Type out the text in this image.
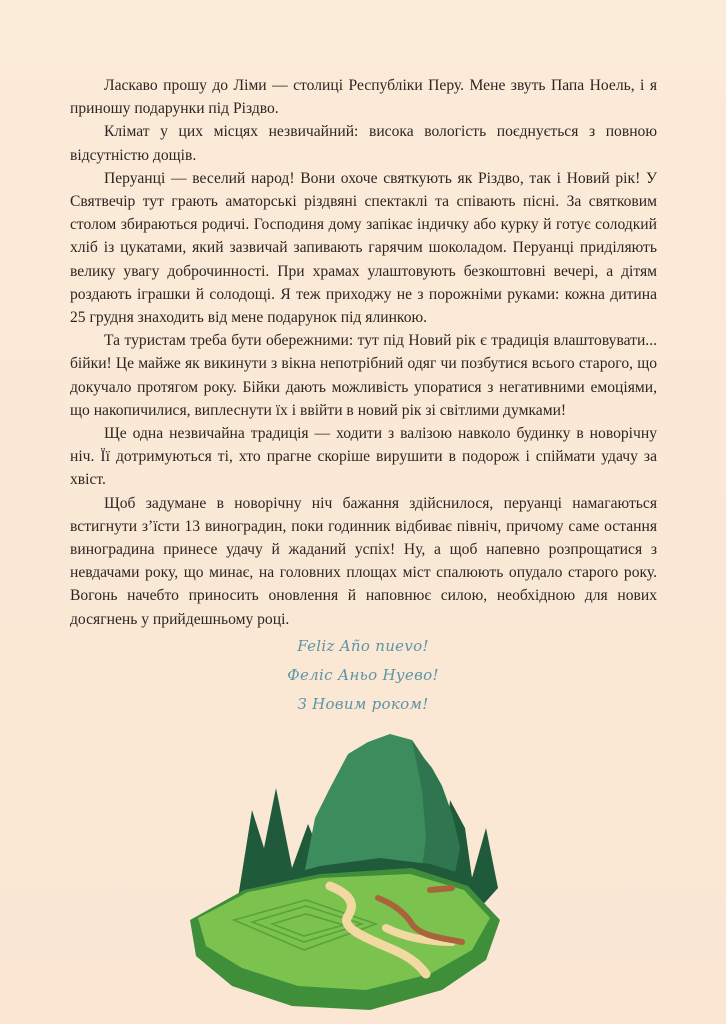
Ласкаво прошу до Ліми — столиці Республіки Перу. Мене звуть Папа Ноель, і я приношу подарунки під Різдво.

Клімат у цих місцях незвичайний: висока вологість поєднується з повною відсутністю дощів.

Перуанці — веселий народ! Вони охоче святкують як Різдво, так і Новий рік! У Святвечір тут грають аматорські різдвяні спектаклі та співають пісні. За святковим столом збираються родичі. Господиня дому запікає індичку або курку й готує солодкий хліб із цукатами, який зазвичай запивають гарячим шоколадом. Перуанці приділяють велику увагу доброчинності. При храмах улаштовують безкоштовні вечері, а дітям роздають іграшки й солодощі. Я теж приходжу не з порожніми руками: кожна дитина 25 грудня знаходить від мене подарунок під ялинкою.

Та туристам треба бути обережними: тут під Новий рік є традиція влаштовувати... бійки! Це майже як викинути з вікна непотрібний одяг чи позбутися всього старого, що докучало протягом року. Бійки дають можливість упоратися з негативними емоціями, що накопичилися, виплеснути їх і ввійти в новий рік зі світлими думками!

Ще одна незвичайна традиція — ходити з валізою навколо будинку в новорічну ніч. Її дотримуються ті, хто прагне скоріше вирушити в подорож і спіймати удачу за хвіст.

Щоб задумане в новорічну ніч бажання здійснилося, перуанці намагаються встигнути з’їсти 13 виноградин, поки годинник відбиває північ, причому саме остання виноградина принесе удачу й жаданий успіх! Ну, а щоб напевно розпрощатися з невдачами року, що минає, на головних площах міст спалюють опудало старого року. Вогонь начебто приносить оновлення й наповнює силою, необхідною для нових досягнень у прийдешньому році.

Feliz Año nuevo!

Феліс Аньо Нуево!

З Новим роком!
